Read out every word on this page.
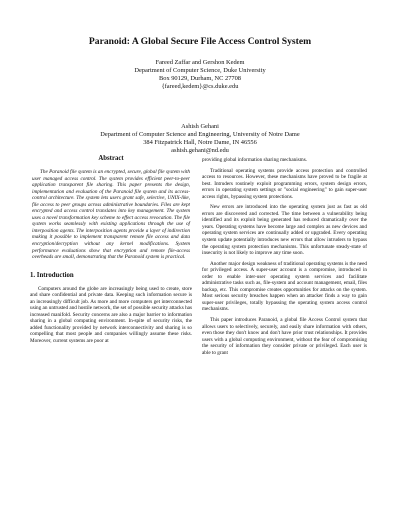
Paranoid: A Global Secure File Access Control System
Fareed Zaffar and Gershon Kedem
Department of Computer Science, Duke University
Box 90129, Durham, NC 27708
{fareed,kedem}@cs.duke.edu
Ashish Gehani
Department of Computer Science and Engineering, University of Notre Dame
384 Fitzpatrick Hall, Notre Dame, IN 46556
ashish.gehani@nd.edu
Abstract

The Paranoid file system is an encrypted, secure, global file system with user managed access control. The system provides efficient peer-to-peer application transparent file sharing. This paper presents the design, implementation and evaluation of the Paranoid file system and its access-control architecture. The system lets users grant safe, selective, UNIX-like, file access to peer groups across administrative boundaries. Files are kept encrypted and access control translates into key management. The system uses a novel transformation key scheme to effect access revocation. The file system works seamlessly with existing applications through the use of interposition agents. The interposition agents provide a layer of indirection making it possible to implement transparent remote file access and data encryption/decryption without any kernel modifications. System performance evaluations show that encryption and remote file-access overheads are small, demonstrating that the Paranoid system is practical.

1. Introduction

Computers around the globe are increasingly being used to create, store and share confidential and private data. Keeping such information secure is an increasingly difficult job. As more and more computers get interconnected using an untrusted and hostile network, the set of possible security attacks has increased manifold. Security concerns are also a major barrier to information sharing in a global computing environment. In-spite of security risks, the added functionality provided by network interconnectivity and sharing is so compelling that most people and companies willingly assume these risks. Moreover, current systems are poor at

providing global information sharing mechanisms.

Traditional operating systems provide access protection and controlled access to resources. However, these mechanisms have proved to be fragile at best. Intruders routinely exploit programming errors, system design errors, errors in operating system settings or "social engineering" to gain super-user access rights, bypassing system protections.

New errors are introduced into the operating system just as fast as old errors are discovered and corrected. The time between a vulnerability being identified and its exploit being generated has reduced dramatically over the years. Operating systems have become large and complex as new devices and operating system services are continually added or upgraded. Every operating system update potentially introduces new errors that allow intruders to bypass the operating system protection mechanisms. This unfortunate steady-state of insecurity is not likely to improve any time soon.

Another major design weakness of traditional operating systems is the need for privileged access. A super-user account is a compromise, introduced in order to enable inter-user operating system services and facilitate administrative tasks such as, file-system and account management, email, files backup, etc. This compromise creates opportunities for attacks on the system. Most serious security breaches happen when an attacker finds a way to gain super-user privileges, totally bypassing the operating system access control mechanisms.

This paper introduces Paranoid, a global file Access Control system that allows users to selectively, securely, and easily share information with others, even those they don't know and don't have prior trust relationships. It provides users with a global computing environment, without the fear of compromising the security of information they consider private or privileged. Each user is able to grant
